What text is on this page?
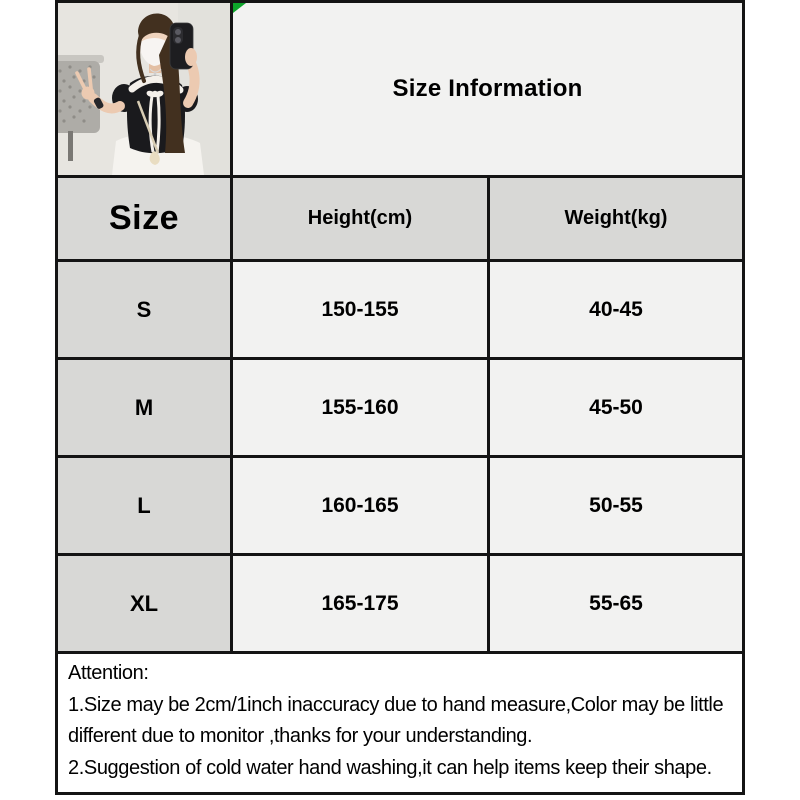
Size Information
Size	Height(cm)	Weight(kg)
S	150-155	40-45
M	155-160	45-50
L	160-165	50-55
XL	165-175	55-65

Attention:

1.Size may be 2cm/1inch inaccuracy due to hand measure,Color may be little different due to monitor ,thanks for your understanding.

2.Suggestion of cold water hand washing,it can help items keep their shape.
